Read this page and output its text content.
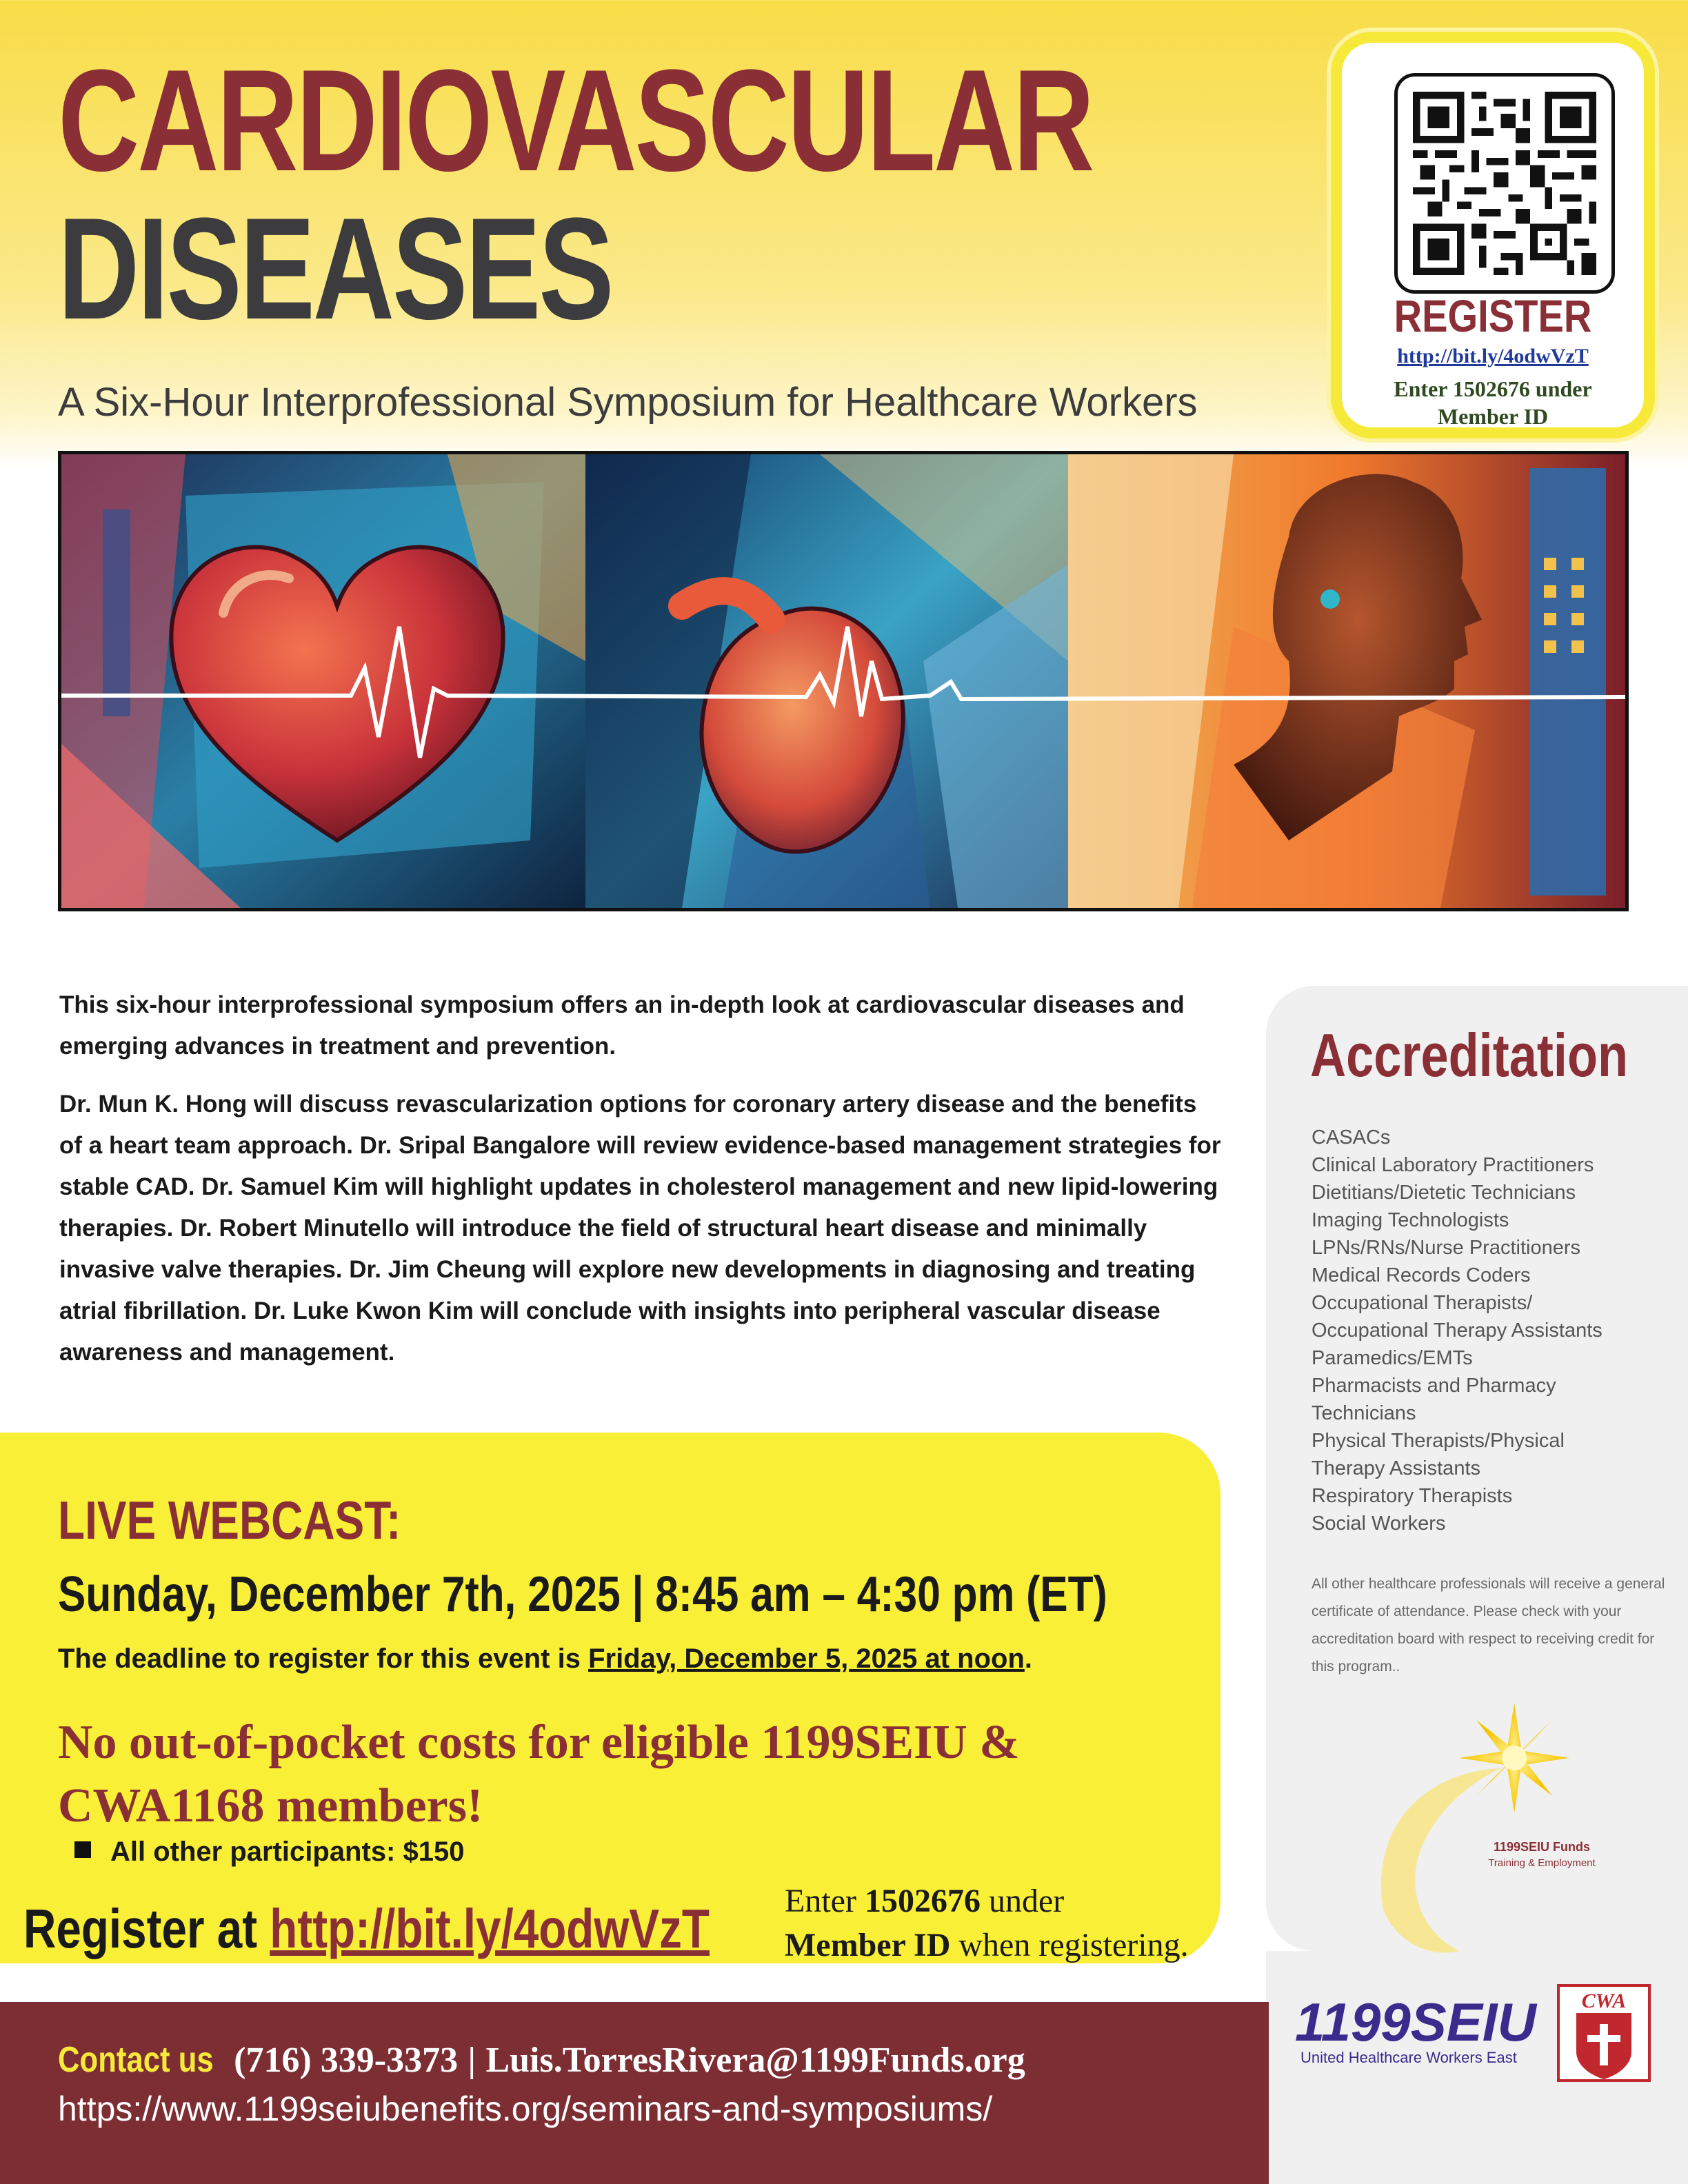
CARDIOVASCULAR
DISEASES
A Six-Hour Interprofessional Symposium for Healthcare Workers
REGISTER
http://bit.ly/4odwVzT
Enter 1502676 under
Member ID

This six-hour interprofessional symposium offers an in-depth look at cardiovascular diseases and emerging advances in treatment and prevention.

Dr. Mun K. Hong will discuss revascularization options for coronary artery disease and the benefits of a heart team approach. Dr. Sripal Bangalore will review evidence-based management strategies for stable CAD. Dr. Samuel Kim will highlight updates in cholesterol management and new lipid-lowering therapies. Dr. Robert Minutello will introduce the field of structural heart disease and minimally invasive valve therapies. Dr. Jim Cheung will explore new developments in diagnosing and treating atrial fibrillation. Dr. Luke Kwon Kim will conclude with insights into peripheral vascular disease awareness and management.

Accreditation
CASACs
Clinical Laboratory Practitioners
Dietitians/Dietetic Technicians
Imaging Technologists
LPNs/RNs/Nurse Practitioners
Medical Records Coders
Occupational Therapists/
Occupational Therapy Assistants
Paramedics/EMTs
Pharmacists and Pharmacy
Technicians
Physical Therapists/Physical
Therapy Assistants
Respiratory Therapists
Social Workers
All other healthcare professionals will receive a general certificate of attendance. Please check with your accreditation board with respect to receiving credit for this program..
1199SEIU Funds
Training & Employment
LIVE WEBCAST:
Sunday, December 7th, 2025 | 8:45 am – 4:30 pm (ET)
The deadline to register for this event is Friday, December 5, 2025 at noon.
No out-of-pocket costs for eligible 1199SEIU & CWA1168 members!
All other participants: $150
Register at http://bit.ly/4odwVzT Enter 1502676 under
Member ID when registering.
Contact us (716) 339-3373 | Luis.TorresRivera@1199Funds.org
https://www.1199seiubenefits.org/seminars-and-symposiums/
1199SEIU
United Healthcare Workers East
CWA
